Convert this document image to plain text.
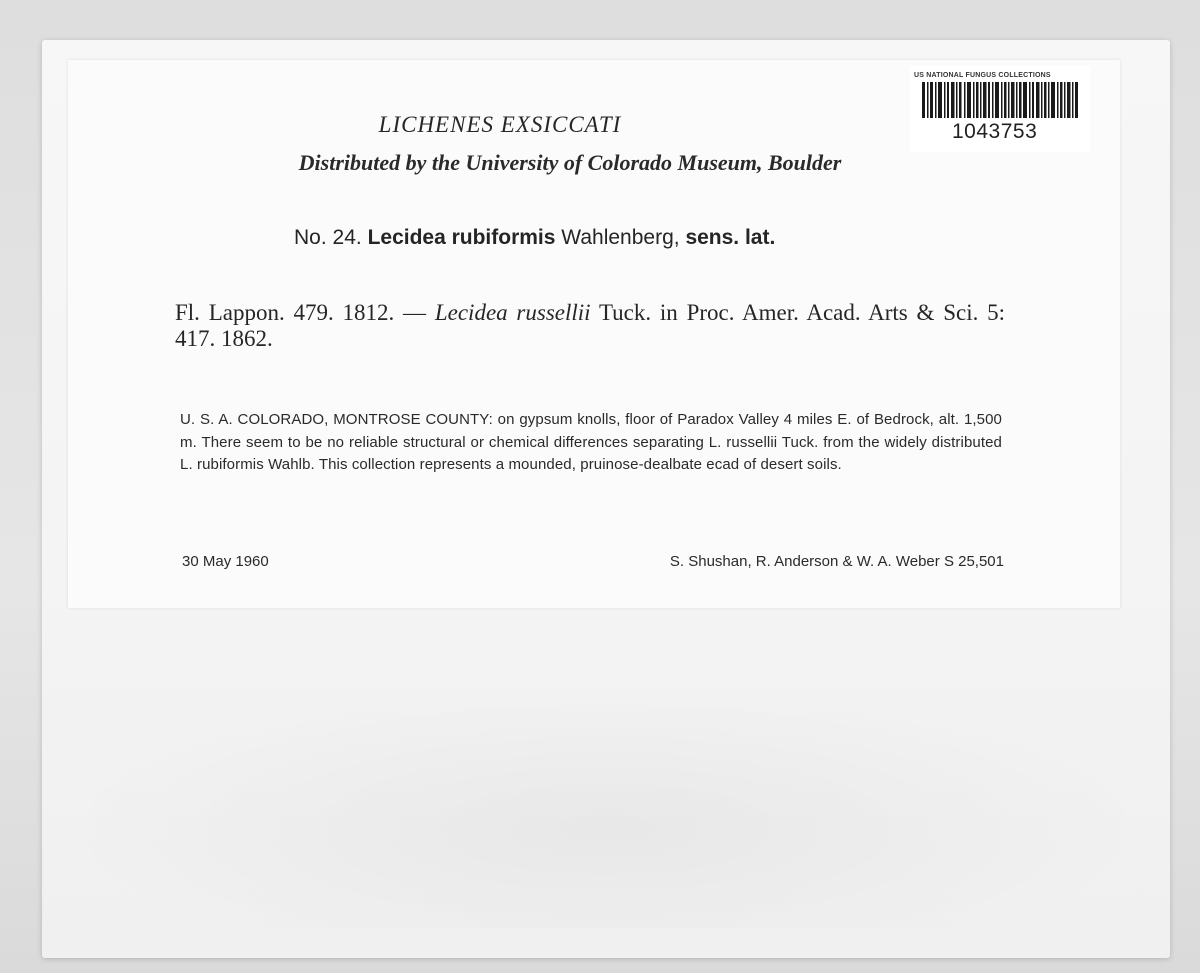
US NATIONAL FUNGUS COLLECTIONS
1043753
LICHENES EXSICCATI
Distributed by the University of Colorado Museum, Boulder
No. 24. Lecidea rubiformis Wahlenberg, sens. lat.
Fl. Lappon. 479. 1812. — Lecidea russellii Tuck. in Proc. Amer. Acad. Arts & Sci. 5: 417. 1862.
U. S. A. COLORADO, MONTROSE COUNTY: on gypsum knolls, floor of Paradox Valley 4 miles E. of Bedrock, alt. 1,500 m. There seem to be no reliable structural or chemical differences separating L. russellii Tuck. from the widely distributed L. rubiformis Wahlb. This collection represents a mounded, pruinose-dealbate ecad of desert soils.
30 May 1960	S. Shushan, R. Anderson & W. A. Weber S 25,501
